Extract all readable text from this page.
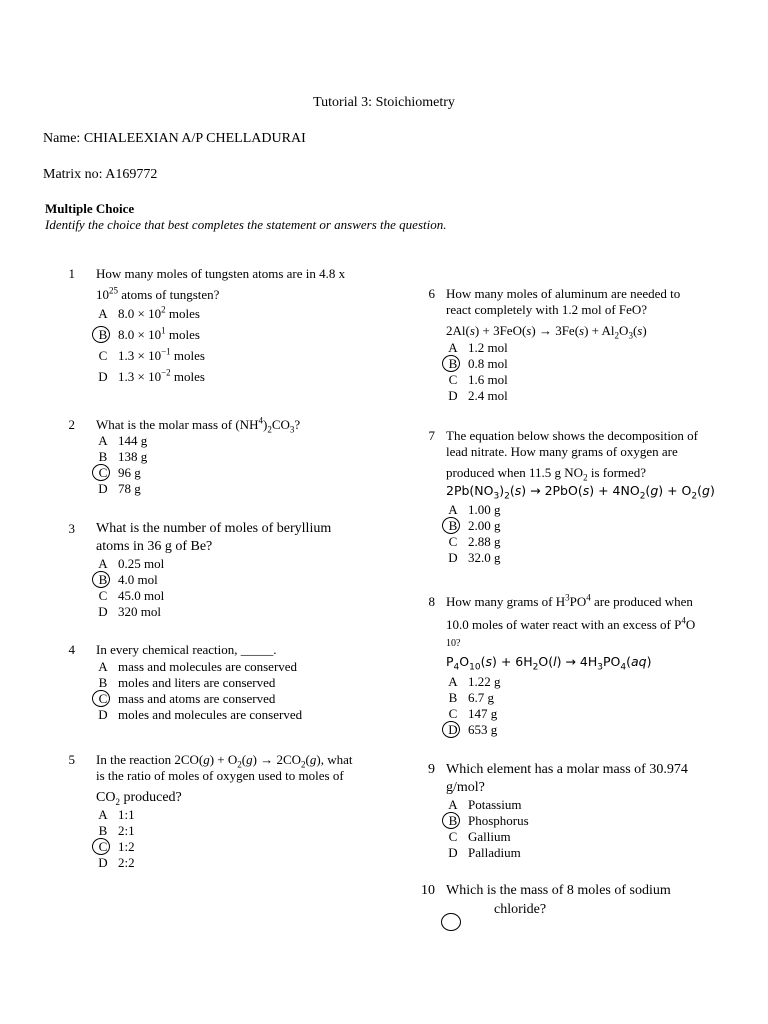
Tutorial 3: Stoichiometry
Name: CHIALEEXIAN A/P CHELLADURAI
Matrix no: A169772
Multiple Choice
Identify the choice that best completes the statement or answers the question.
1 How many moles of tungsten atoms are in 4.8 x
$10^{25}$ atoms of tungsten?
A $8.0 \times 10^2$ moles
B $8.0 \times 10^1$ moles
C $1.3 \times 10^{-1}$ moles
D $1.3 \times 10^{-2}$ moles
2 What is the molar mass of $(NH^4)_2CO_3$?
A 144 g
B 138 g
C 96 g
D 78 g
3 What is the number of moles of beryllium
atoms in 36 g of Be?
A 0.25 mol
B 4.0 mol
C 45.0 mol
D 320 mol
4 In every chemical reaction, _____.
A mass and molecules are conserved
B moles and liters are conserved
C mass and atoms are conserved
D moles and molecules are conserved
5 In the reaction $2CO(g) + O_2(g) \to 2CO_2(g)$, what
is the ratio of moles of oxygen used to moles of
$CO_2$ produced?
A 1:1
B 2:1
C 1:2
D 2:2
6 How many moles of aluminum are needed to
react completely with 1.2 mol of FeO?
$2Al(s) + 3FeO(s) \to 3Fe(s) + Al_2O_3(s)$
A 1.2 mol
B 0.8 mol
C 1.6 mol
D 2.4 mol
7 The equation below shows the decomposition of
lead nitrate. How many grams of oxygen are
produced when 11.5 g $NO_2$ is formed?
$2Pb(NO_3)_2(s) \to 2PbO(s) + 4NO_2(g) + O_2(g)$
A 1.00 g
B 2.00 g
C 2.88 g
D 32.0 g
8 How many grams of $H^3PO^4$ are produced when
10.0 moles of water react with an excess of $P^4O$
10?
$P_4O_{10}(s) + 6H_2O(l) \to 4H_3PO_4(aq)$
A 1.22 g
B 6.7 g
C 147 g
D 653 g
9 Which element has a molar mass of 30.974
g/mol?
A Potassium
B Phosphorus
C Gallium
D Palladium
10 Which is the mass of 8 moles of sodium
chloride?
